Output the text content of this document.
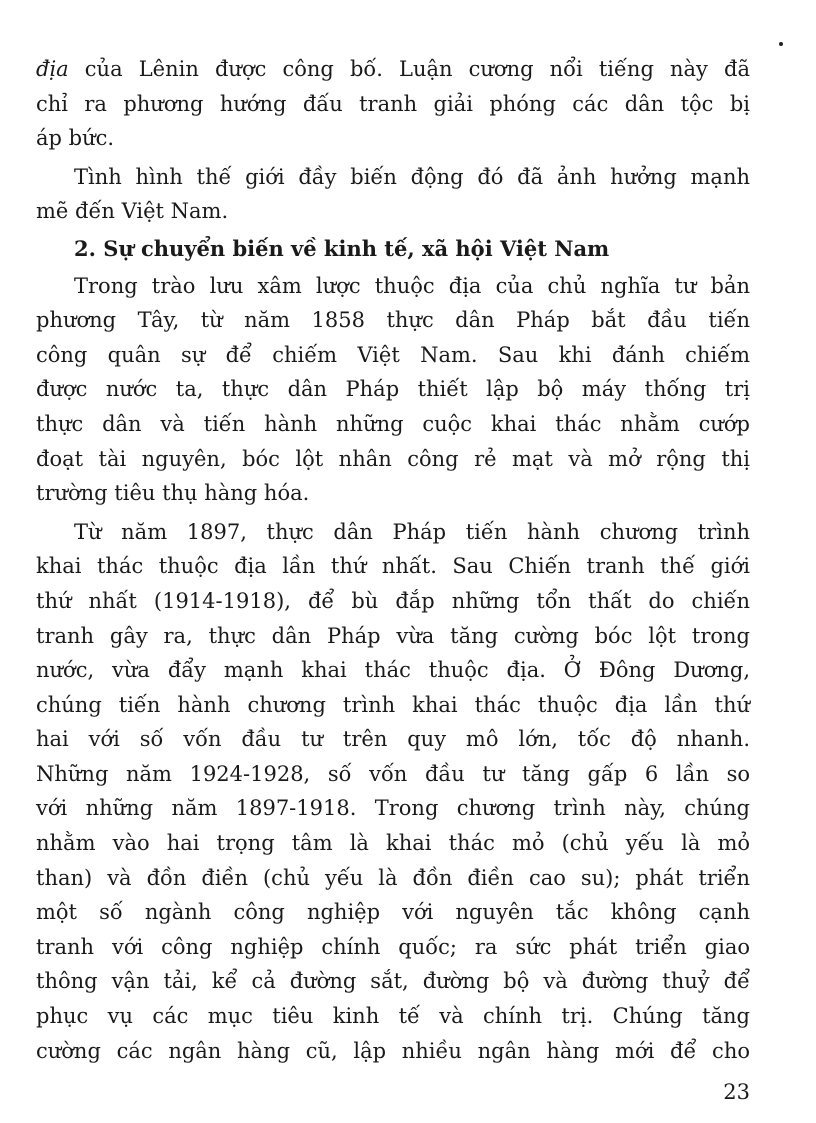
địa của Lênin được công bố. Luận cương nổi tiếng này đã
chỉ ra phương hướng đấu tranh giải phóng các dân tộc bị
áp bức.
Tình hình thế giới đầy biến động đó đã ảnh hưởng mạnh
mẽ đến Việt Nam.
2. Sự chuyển biến về kinh tế, xã hội Việt Nam
Trong trào lưu xâm lược thuộc địa của chủ nghĩa tư bản
phương Tây, từ năm 1858 thực dân Pháp bắt đầu tiến
công quân sự để chiếm Việt Nam. Sau khi đánh chiếm
được nước ta, thực dân Pháp thiết lập bộ máy thống trị
thực dân và tiến hành những cuộc khai thác nhằm cướp
đoạt tài nguyên, bóc lột nhân công rẻ mạt và mở rộng thị
trường tiêu thụ hàng hóa.
Từ năm 1897, thực dân Pháp tiến hành chương trình
khai thác thuộc địa lần thứ nhất. Sau Chiến tranh thế giới
thứ nhất (1914-1918), để bù đắp những tổn thất do chiến
tranh gây ra, thực dân Pháp vừa tăng cường bóc lột trong
nước, vừa đẩy mạnh khai thác thuộc địa. Ở Đông Dương,
chúng tiến hành chương trình khai thác thuộc địa lần thứ
hai với số vốn đầu tư trên quy mô lớn, tốc độ nhanh.
Những năm 1924-1928, số vốn đầu tư tăng gấp 6 lần so
với những năm 1897-1918. Trong chương trình này, chúng
nhằm vào hai trọng tâm là khai thác mỏ (chủ yếu là mỏ
than) và đồn điền (chủ yếu là đồn điền cao su); phát triển
một số ngành công nghiệp với nguyên tắc không cạnh
tranh với công nghiệp chính quốc; ra sức phát triển giao
thông vận tải, kể cả đường sắt, đường bộ và đường thuỷ để
phục vụ các mục tiêu kinh tế và chính trị. Chúng tăng
cường các ngân hàng cũ, lập nhiều ngân hàng mới để cho
23
